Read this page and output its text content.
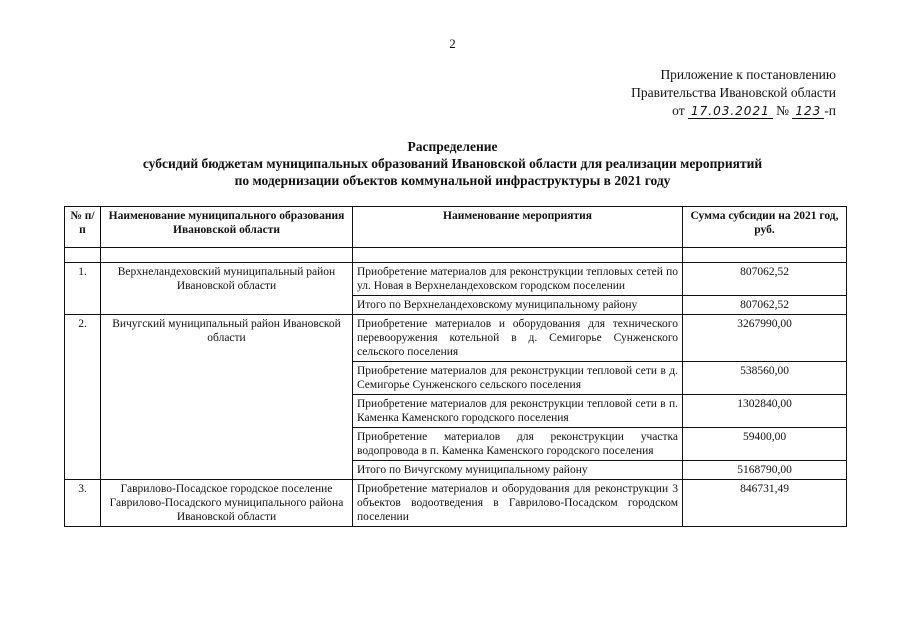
2
Приложение к постановлению
Правительства Ивановской области
от 17.03.2021 № 123 -п
Распределение
субсидий бюджетам муниципальных образований Ивановской области для реализации мероприятий
по модернизации объектов коммунальной инфраструктуры в 2021 году
№ п/п	Наименование муниципального образования Ивановской области	Наименование мероприятия	Сумма субсидии на 2021 год, руб.

1.	Верхнеландеховский муниципальный район Ивановской области	Приобретение материалов для реконструкции тепловых сетей по ул. Новая в Верхнеландеховском городском поселении	807062,52
		Итого по Верхнеландеховскому муниципальному району	807062,52
2.	Вичугский муниципальный район Ивановской области	Приобретение материалов и оборудования для технического перевооружения котельной в д. Семигорье Сунженского сельского поселения	3267990,00
		Приобретение материалов для реконструкции тепловой сети в д. Семигорье Сунженского сельского поселения	538560,00
		Приобретение материалов для реконструкции тепловой сети в п. Каменка Каменского городского поселения	1302840,00
		Приобретение материалов для реконструкции участка водопровода в п. Каменка Каменского городского поселения	59400,00
		Итого по Вичугскому муниципальному району	5168790,00
3.	Гаврилово-Посадское городское поселение Гаврилово-Посадского муниципального района Ивановской области	Приобретение материалов и оборудования для реконструкции 3 объектов водоотведения в Гаврилово-Посадском городском поселении	846731,49
